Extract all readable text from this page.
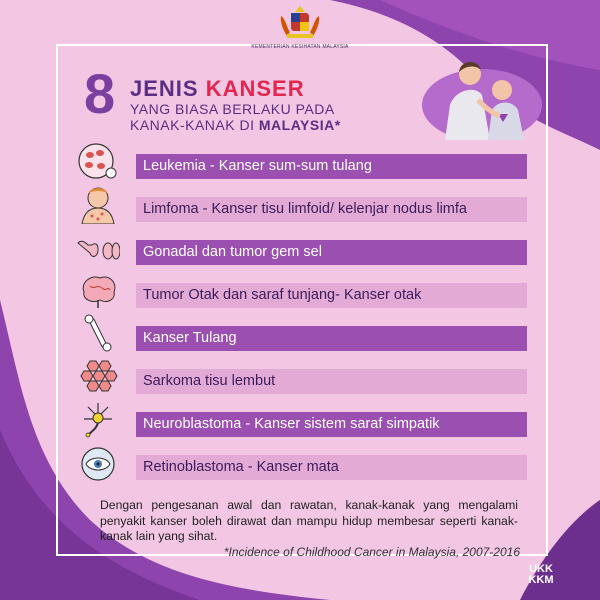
KEMENTERIAN KESIHATAN MALAYSIA
8 JENIS KANSER
YANG BIASA BERLAKU PADA
KANAK-KANAK DI MALAYSIA*
Leukemia - Kanser sum-sum tulang
Limfoma - Kanser tisu limfoid/ kelenjar nodus limfa
Gonadal dan tumor gem sel
Tumor Otak dan saraf tunjang- Kanser otak
Kanser Tulang
Sarkoma tisu lembut
Neuroblastoma - Kanser sistem saraf simpatik
Retinoblastoma - Kanser mata
Dengan pengesanan awal dan rawatan, kanak-kanak yang mengalami penyakit kanser boleh dirawat dan mampu hidup membesar seperti kanak-kanak lain yang sihat.
*Incidence of Childhood Cancer in Malaysia, 2007-2016
UKK
KKM
